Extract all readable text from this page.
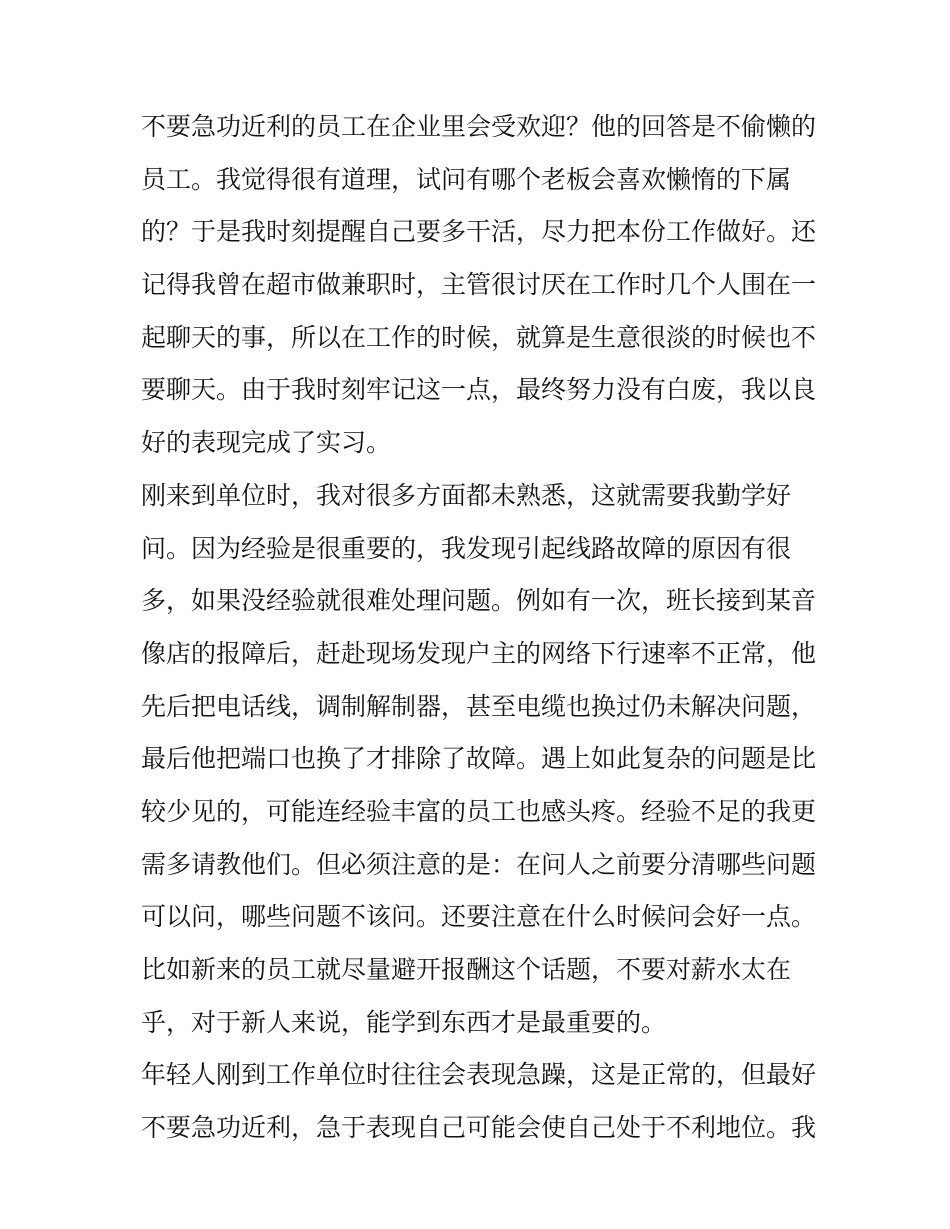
不要急功近利的员工在企业里会受欢迎？他的回答是不偷懒的
员工。我觉得很有道理，试问有哪个老板会喜欢懒惰的下属
的？于是我时刻提醒自己要多干活，尽力把本份工作做好。还
记得我曾在超市做兼职时，主管很讨厌在工作时几个人围在一
起聊天的事，所以在工作的时候，就算是生意很淡的时候也不
要聊天。由于我时刻牢记这一点，最终努力没有白废，我以良
好的表现完成了实习。
刚来到单位时，我对很多方面都未熟悉，这就需要我勤学好
问。因为经验是很重要的，我发现引起线路故障的原因有很
多，如果没经验就很难处理问题。例如有一次，班长接到某音
像店的报障后，赶赴现场发现户主的网络下行速率不正常，他
先后把电话线，调制解制器，甚至电缆也换过仍未解决问题，
最后他把端口也换了才排除了故障。遇上如此复杂的问题是比
较少见的，可能连经验丰富的员工也感头疼。经验不足的我更
需多请教他们。但必须注意的是：在问人之前要分清哪些问题
可以问，哪些问题不该问。还要注意在什么时候问会好一点。
比如新来的员工就尽量避开报酬这个话题，不要对薪水太在
乎，对于新人来说，能学到东西才是最重要的。
年轻人刚到工作单位时往往会表现急躁，这是正常的，但最好
不要急功近利，急于表现自己可能会使自己处于不利地位。我
